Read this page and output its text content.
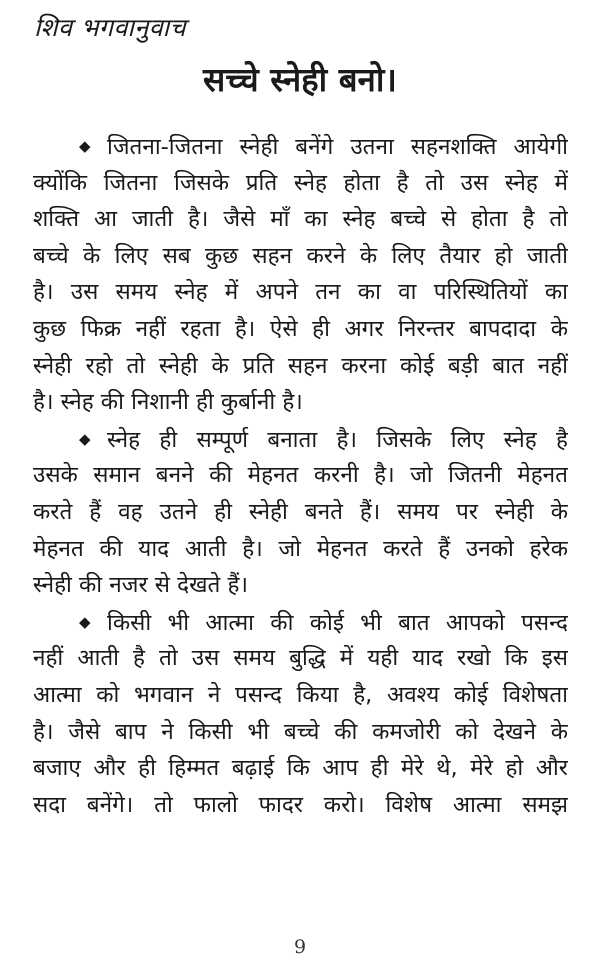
शिव भगवानुवाच
सच्चे स्नेही बनो।
◆ जितना-जितना स्नेही बनेंगे उतना सहनशक्ति आयेगी
क्योंकि जितना जिसके प्रति स्नेह होता है तो उस स्नेह में
शक्ति आ जाती है। जैसे माँ का स्नेह बच्चे से होता है तो
बच्चे के लिए सब कुछ सहन करने के लिए तैयार हो जाती
है। उस समय स्नेह में अपने तन का वा परिस्थितियों का
कुछ फिक्र नहीं रहता है। ऐसे ही अगर निरन्तर बापदादा के
स्नेही रहो तो स्नेही के प्रति सहन करना कोई बड़ी बात नहीं
है। स्नेह की निशानी ही कुर्बानी है।
◆ स्नेह ही सम्पूर्ण बनाता है। जिसके लिए स्नेह है
उसके समान बनने की मेहनत करनी है। जो जितनी मेहनत
करते हैं वह उतने ही स्नेही बनते हैं। समय पर स्नेही के
मेहनत की याद आती है। जो मेहनत करते हैं उनको हरेक
स्नेही की नजर से देखते हैं।
◆ किसी भी आत्मा की कोई भी बात आपको पसन्द
नहीं आती है तो उस समय बुद्धि में यही याद रखो कि इस
आत्मा को भगवान ने पसन्द किया है, अवश्य कोई विशेषता
है। जैसे बाप ने किसी भी बच्चे की कमजोरी को देखने के
बजाए और ही हिम्मत बढ़ाई कि आप ही मेरे थे, मेरे हो और
सदा बनेंगे। तो फालो फादर करो। विशेष आत्मा समझ
9
